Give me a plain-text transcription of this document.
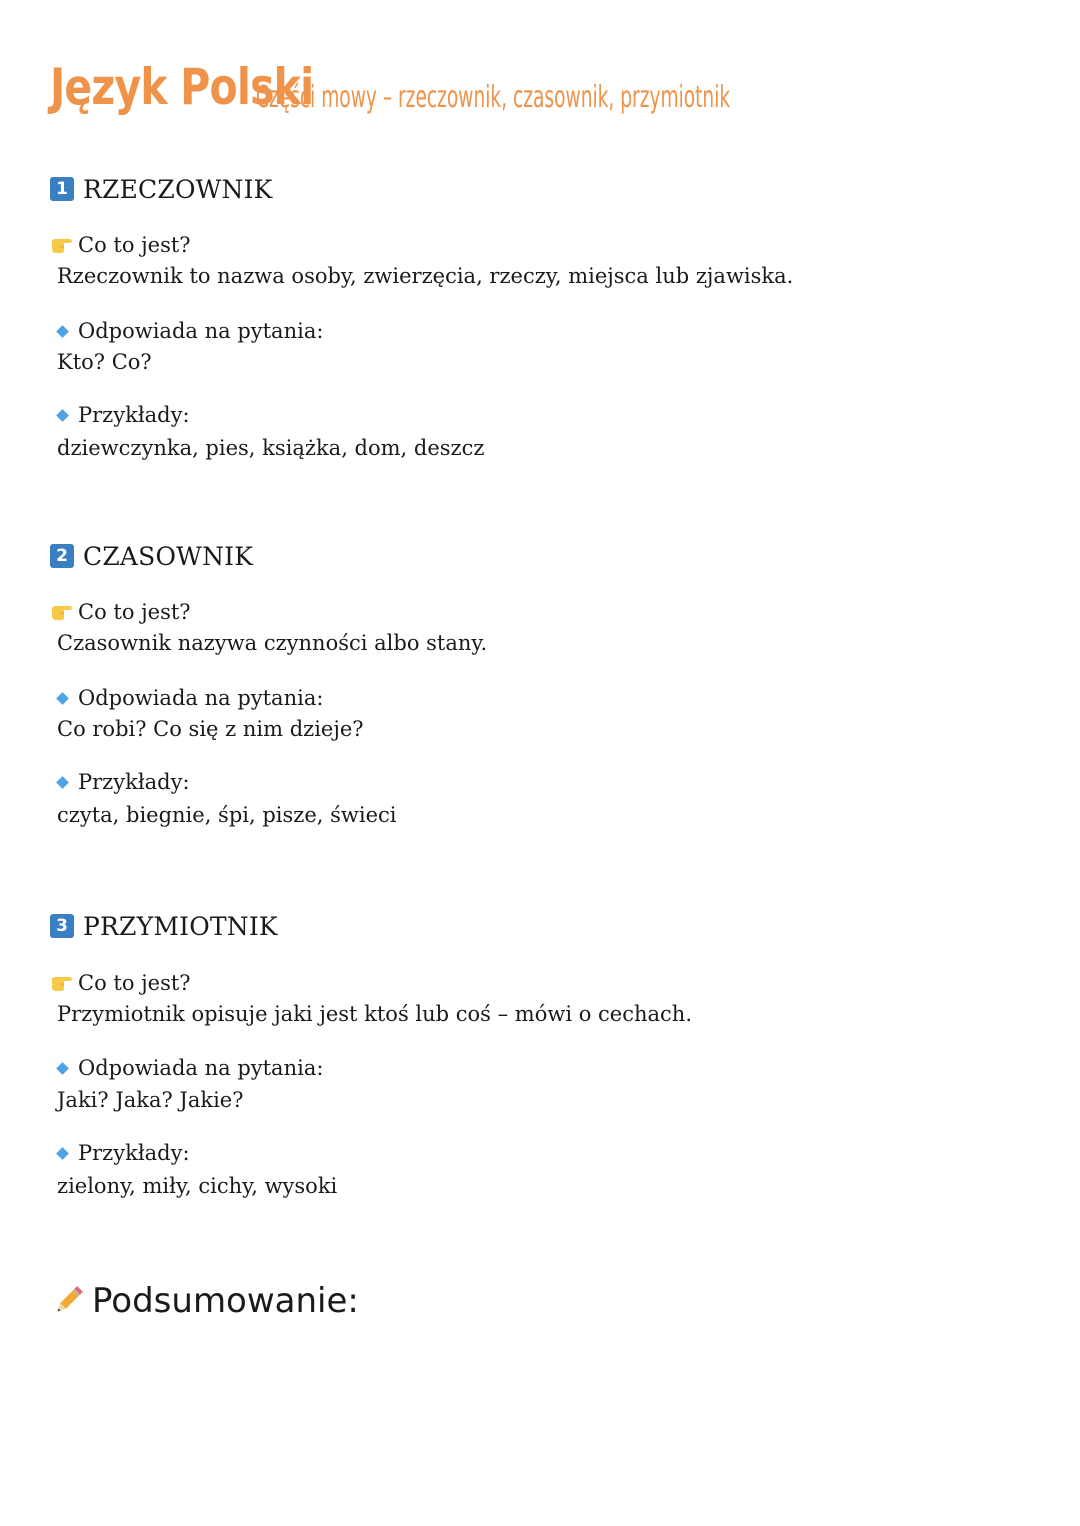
Język Polski
Części mowy – rzeczownik, czasownik, przymiotnik
1 RZECZOWNIK
Co to jest?
Rzeczownik to nazwa osoby, zwierzęcia, rzeczy, miejsca lub zjawiska.
Odpowiada na pytania:
Kto? Co?
Przykłady:
dziewczynka, pies, książka, dom, deszcz
2 CZASOWNIK
Co to jest?
Czasownik nazywa czynności albo stany.
Odpowiada na pytania:
Co robi? Co się z nim dzieje?
Przykłady:
czyta, biegnie, śpi, pisze, świeci
3 PRZYMIOTNIK
Co to jest?
Przymiotnik opisuje jaki jest ktoś lub coś – mówi o cechach.
Odpowiada na pytania:
Jaki? Jaka? Jakie?
Przykłady:
zielony, miły, cichy, wysoki
Podsumowanie:
